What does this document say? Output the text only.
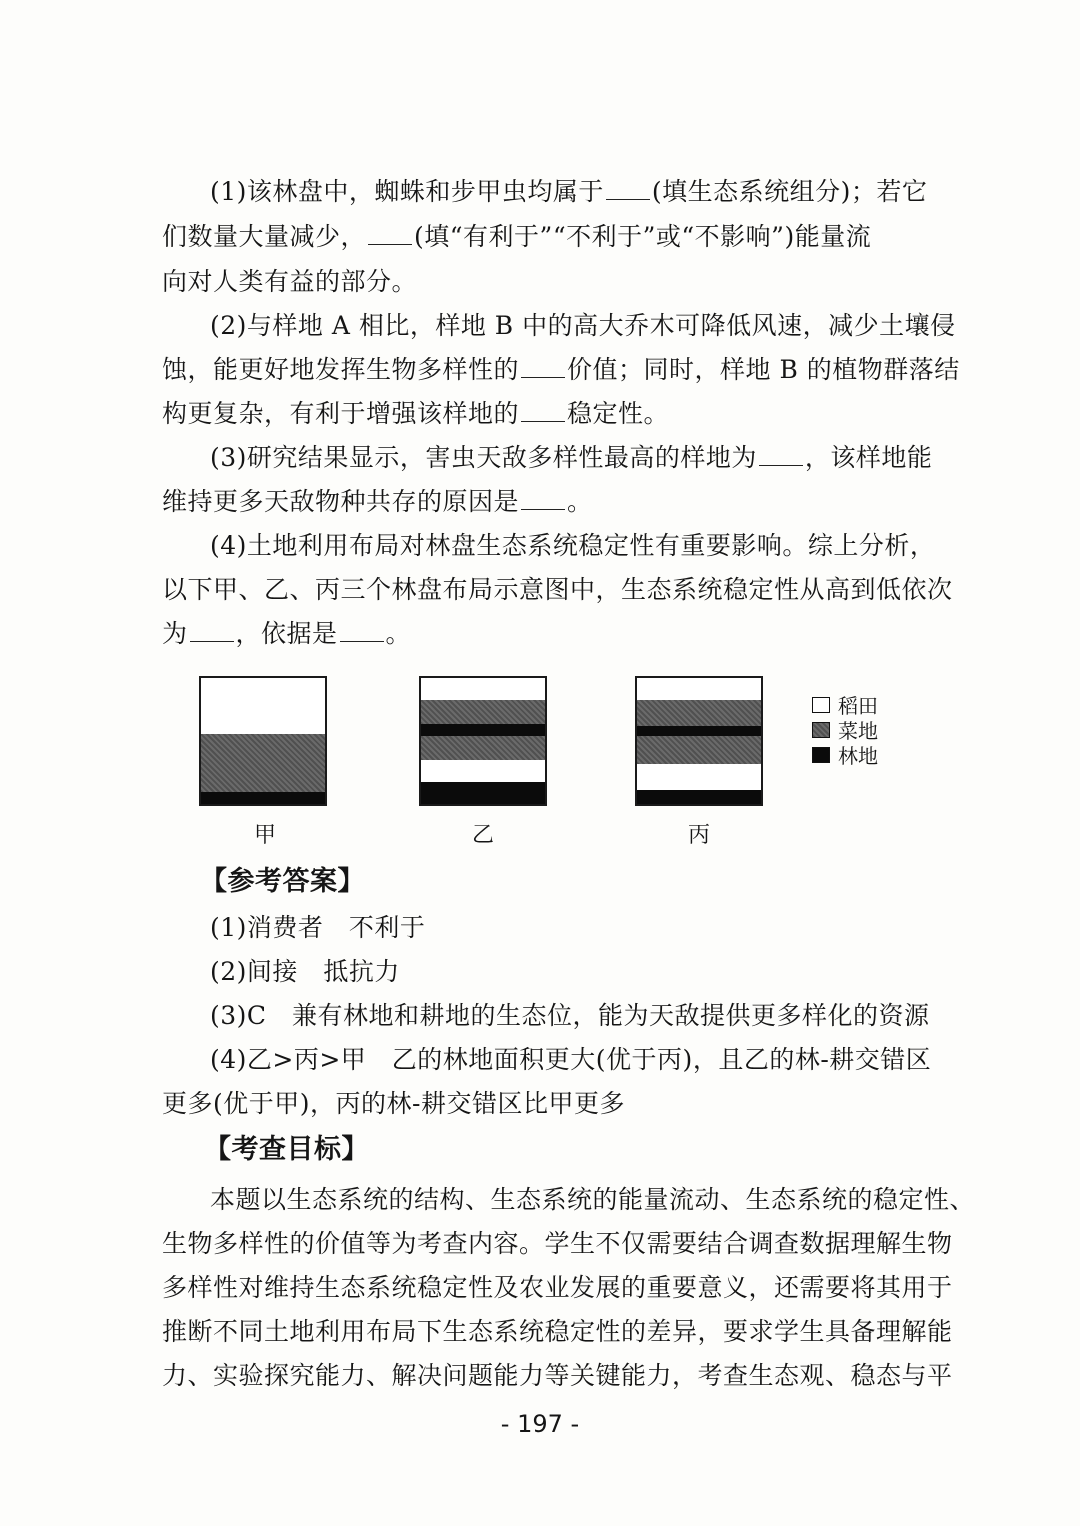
(1)该林盘中，蜘蛛和步甲虫均属于 (填生态系统组分)；若它
们数量大量减少， (填“有利于”“不利于”或“不影响”)能量流
向对人类有益的部分。
(2)与样地 A 相比，样地 B 中的高大乔木可降低风速，减少土壤侵
蚀，能更好地发挥生物多样性的 价值；同时，样地 B 的植物群落结
构更复杂，有利于增强该样地的 稳定性。
(3)研究结果显示，害虫天敌多样性最高的样地为 ，该样地能
维持更多天敌物种共存的原因是 。
(4)土地利用布局对林盘生态系统稳定性有重要影响。综上分析，
以下甲、乙、丙三个林盘布局示意图中，生态系统稳定性从高到低依次
为 ，依据是 。
甲	乙	丙
稻田
菜地
林地
【参考答案】
(1)消费者　不利于
(2)间接　抵抗力
(3)C　兼有林地和耕地的生态位，能为天敌提供更多样化的资源
(4)乙>丙>甲　乙的林地面积更大(优于丙)，且乙的林-耕交错区
更多(优于甲)，丙的林-耕交错区比甲更多
【考查目标】
本题以生态系统的结构、生态系统的能量流动、生态系统的稳定性、
生物多样性的价值等为考查内容。学生不仅需要结合调查数据理解生物
多样性对维持生态系统稳定性及农业发展的重要意义，还需要将其用于
推断不同土地利用布局下生态系统稳定性的差异，要求学生具备理解能
力、实验探究能力、解决问题能力等关键能力，考查生态观、稳态与平
- 197 -
